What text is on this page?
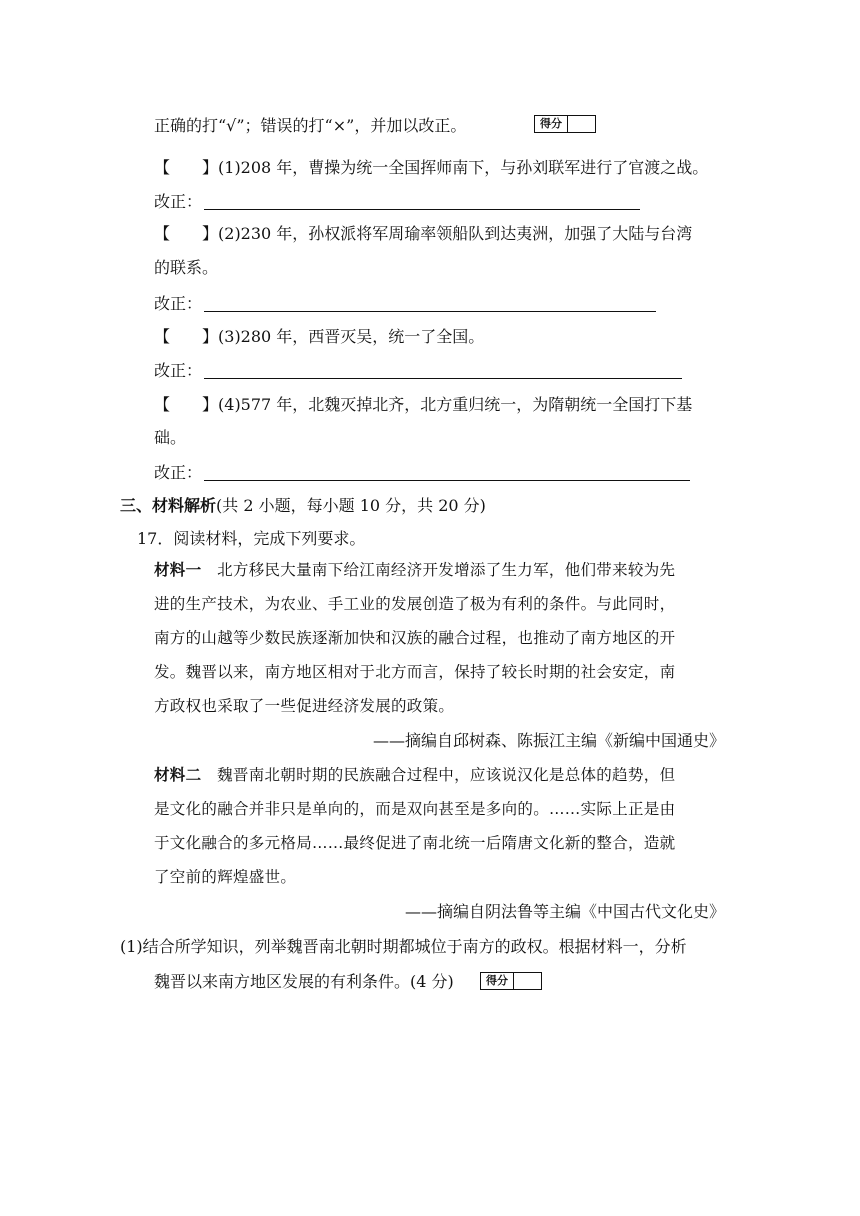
正确的打“√”；错误的打“×”，并加以改正。	得分
【　　】(1)208 年，曹操为统一全国挥师南下，与孙刘联军进行了官渡之战。
改正：
【　　】(2)230 年，孙权派将军周瑜率领船队到达夷洲，加强了大陆与台湾
的联系。
改正：
【　　】(3)280 年，西晋灭吴，统一了全国。
改正：
【　　】(4)577 年，北魏灭掉北齐，北方重归统一，为隋朝统一全国打下基
础。
改正：
三、材料解析(共 2 小题，每小题 10 分，共 20 分)
17．阅读材料，完成下列要求。
材料一 北方移民大量南下给江南经济开发增添了生力军，他们带来较为先
进的生产技术，为农业、手工业的发展创造了极为有利的条件。与此同时，
南方的山越等少数民族逐渐加快和汉族的融合过程，也推动了南方地区的开
发。魏晋以来，南方地区相对于北方而言，保持了较长时期的社会安定，南
方政权也采取了一些促进经济发展的政策。
——摘编自邱树森、陈振江主编《新编中国通史》
材料二 魏晋南北朝时期的民族融合过程中，应该说汉化是总体的趋势，但
是文化的融合并非只是单向的，而是双向甚至是多向的。……实际上正是由
于文化融合的多元格局……最终促进了南北统一后隋唐文化新的整合，造就
了空前的辉煌盛世。
——摘编自阴法鲁等主编《中国古代文化史》
(1)结合所学知识，列举魏晋南北朝时期都城位于南方的政权。根据材料一，分析
魏晋以来南方地区发展的有利条件。(4 分)	得分
